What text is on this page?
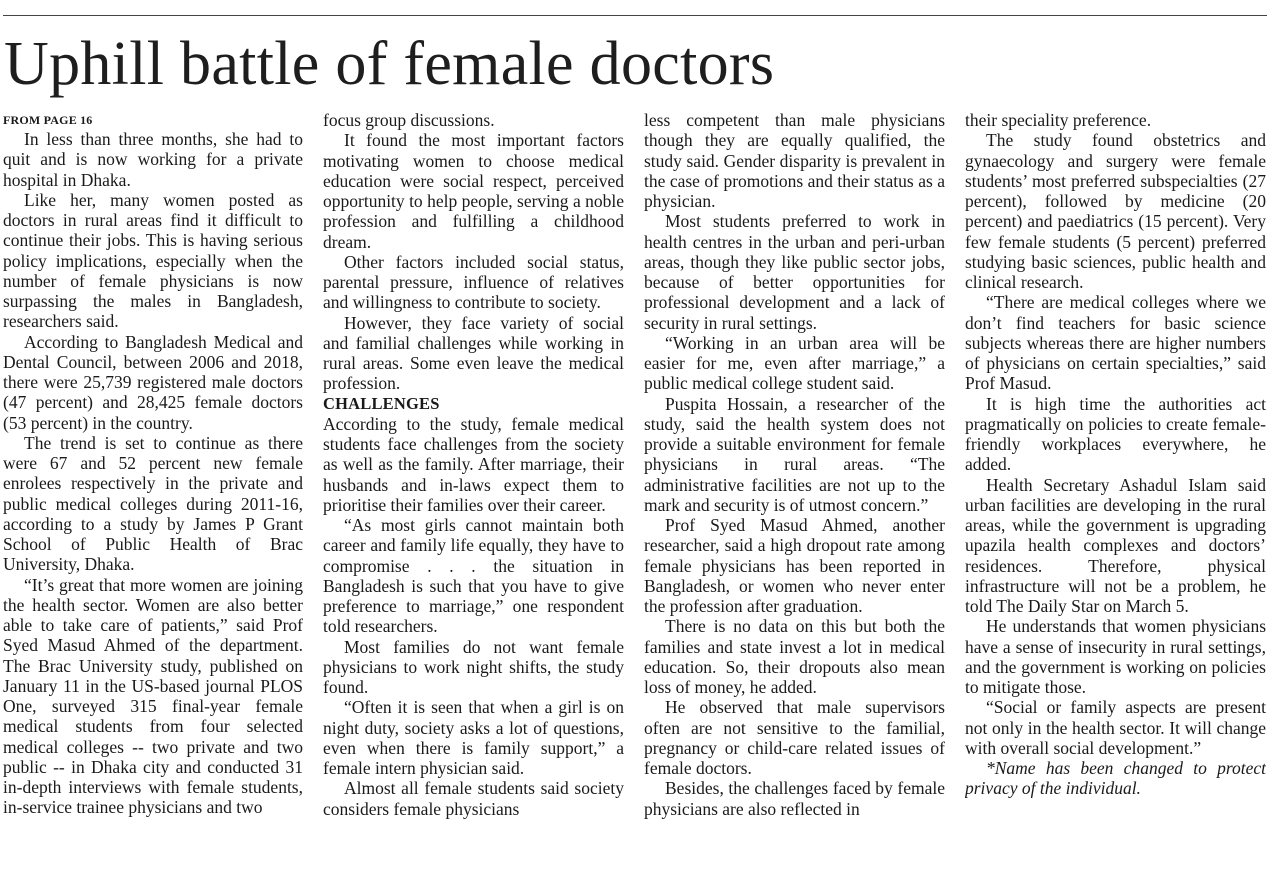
Uphill battle of female doctors
FROM PAGE 16

In less than three months, she had to quit and is now working for a private hospital in Dhaka.

Like her, many women posted as doctors in rural areas find it difficult to continue their jobs. This is having serious policy implications, especially when the number of female physicians is now surpassing the males in Bangladesh, researchers said.

According to Bangladesh Medical and Dental Council, between 2006 and 2018, there were 25,739 registered male doctors (47 percent) and 28,425 female doctors (53 percent) in the country.

The trend is set to continue as there were 67 and 52 percent new female enrolees respectively in the private and public medical colleges during 2011-16, according to a study by James P Grant School of Public Health of Brac University, Dhaka.

“It’s great that more women are joining the health sector. Women are also better able to take care of patients,” said Prof Syed Masud Ahmed of the department. The Brac University study, published on January 11 in the US-based journal PLOS One, surveyed 315 final-year female medical students from four selected medical colleges -- two private and two public -- in Dhaka city and conducted 31 in-depth interviews with female students, in-service trainee physicians and two

focus group discussions.

It found the most important factors motivating women to choose medical education were social respect, perceived opportunity to help people, serving a noble profession and fulfilling a childhood dream.

Other factors included social status, parental pressure, influence of relatives and willingness to contribute to society.

However, they face variety of social and familial challenges while working in rural areas. Some even leave the medical profession.

CHALLENGES

According to the study, female medical students face challenges from the society as well as the family. After marriage, their husbands and in-laws expect them to prioritise their families over their career.

“As most girls cannot maintain both career and family life equally, they have to compromise . . . the situation in Bangladesh is such that you have to give preference to marriage,” one respondent told researchers.

Most families do not want female physicians to work night shifts, the study found.

“Often it is seen that when a girl is on night duty, society asks a lot of questions, even when there is family support,” a female intern physician said.

Almost all female students said society considers female physicians

less competent than male physicians though they are equally qualified, the study said. Gender disparity is prevalent in the case of promotions and their status as a physician.

Most students preferred to work in health centres in the urban and peri-urban areas, though they like public sector jobs, because of better opportunities for professional development and a lack of security in rural settings.

“Working in an urban area will be easier for me, even after marriage,” a public medical college student said.

Puspita Hossain, a researcher of the study, said the health system does not provide a suitable environment for female physicians in rural areas. “The administrative facilities are not up to the mark and security is of utmost concern.”

Prof Syed Masud Ahmed, another researcher, said a high dropout rate among female physicians has been reported in Bangladesh, or women who never enter the profession after graduation.

There is no data on this but both the families and state invest a lot in medical education. So, their dropouts also mean loss of money, he added.

He observed that male supervisors often are not sensitive to the familial, pregnancy or child-care related issues of female doctors.

Besides, the challenges faced by female physicians are also reflected in

their speciality preference.

The study found obstetrics and gynaecology and surgery were female students’ most preferred subspecialties (27 percent), followed by medicine (20 percent) and paediatrics (15 percent). Very few female students (5 percent) preferred studying basic sciences, public health and clinical research.

“There are medical colleges where we don’t find teachers for basic science subjects whereas there are higher numbers of physicians on certain specialties,” said Prof Masud.

It is high time the authorities act pragmatically on policies to create female-friendly workplaces everywhere, he added.

Health Secretary Ashadul Islam said urban facilities are developing in the rural areas, while the government is upgrading upazila health complexes and doctors’ residences. Therefore, physical infrastructure will not be a problem, he told The Daily Star on March 5.

He understands that women physicians have a sense of insecurity in rural settings, and the government is working on policies to mitigate those.

“Social or family aspects are present not only in the health sector. It will change with overall social development.”

*Name has been changed to protect privacy of the individual.
